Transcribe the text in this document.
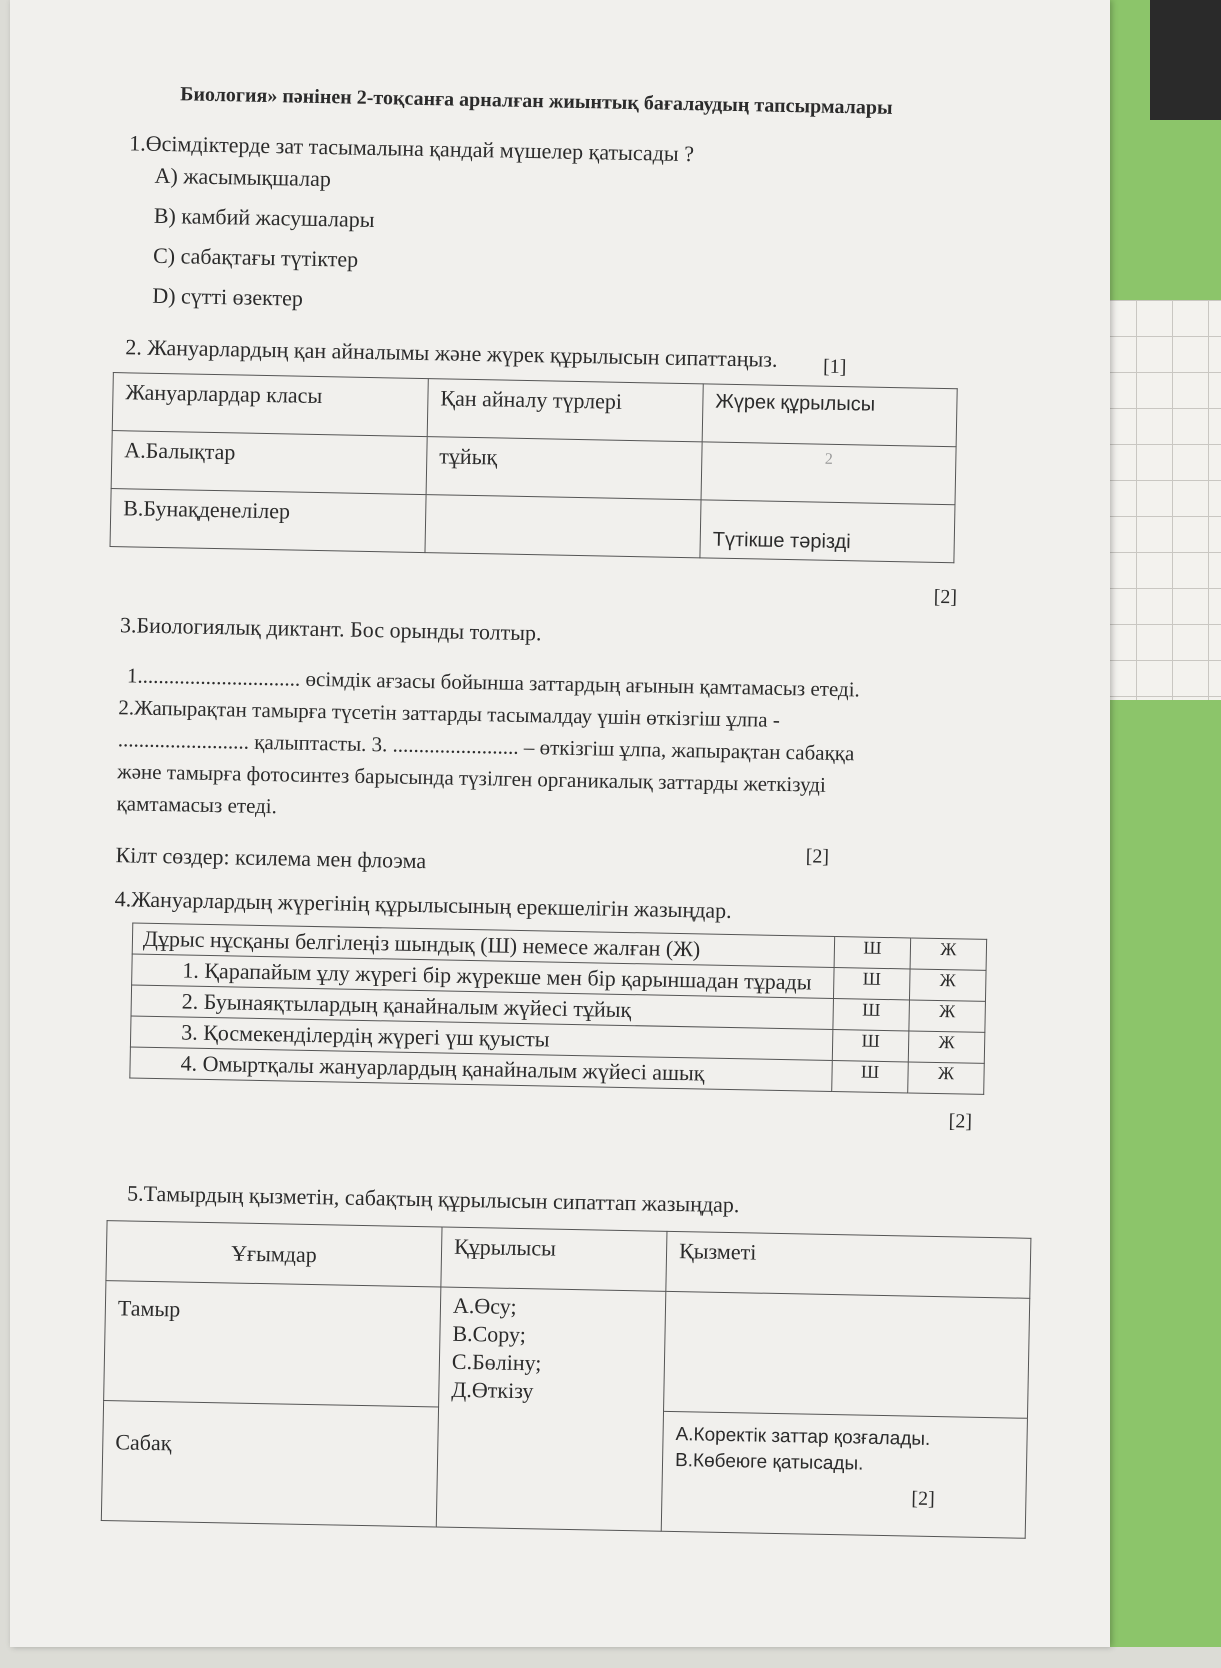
Биология» пәнінен 2-тоқсанға арналған жиынтық бағалаудың тапсырмалары
1.Өсімдіктерде зат тасымалына қандай мүшелер қатысады ?
А) жасымықшалар
В) камбий жасушалары
С) сабақтағы түтіктер
D) сүтті өзектер
[1]
2. Жануарлардың қан айналымы және жүрек құрылысын сипаттаңыз.
Жануарлардар класы	Қан айналу түрлері	Жүрек құрылысы
А.Балықтар	тұйық	2
В.Бунақденелілер		Түтікше тәрізді
[2]
3.Биологиялық диктант. Бос орынды толтыр.
1............................... өсімдік ағзасы бойынша заттардың ағынын қамтамасыз етеді.
2.Жапырақтан тамырға түсетін заттарды тасымалдау үшін өткізгіш ұлпа -
......................... қалыптасты. 3. ........................ – өткізгіш ұлпа, жапырақтан сабаққа
және тамырға фотосинтез барысында түзілген органикалық заттарды жеткізуді
қамтамасыз етеді.
[2]
Кілт сөздер: ксилема мен флоэма
4.Жануарлардың жүрегінің құрылысының ерекшелігін жазыңдар.
Дұрыс нұсқаны белгілеңіз шындық (Ш) немесе жалған (Ж)	Ш	Ж
1. Қарапайым ұлу жүрегі бір жүрекше мен бір қарыншадан тұрады	Ш	Ж
2. Буынаяқтылардың қанайналым жүйесі тұйық	Ш	Ж
3. Қосмекенділердің жүрегі үш қуысты	Ш	Ж
4. Омыртқалы жануарлардың қанайналым жүйесі ашық	Ш	Ж
[2]
5.Тамырдың қызметін, сабақтың құрылысын сипаттап жазыңдар.
Ұғымдар	Құрылысы	Қызметі
Тамыр	А.Өсу;
В.Сору;
С.Бөліну;
Д.Өткізу	

Сабақ		А.Коректік заттар қозғалады.
В.Көбеюге қатысады.
[2]
